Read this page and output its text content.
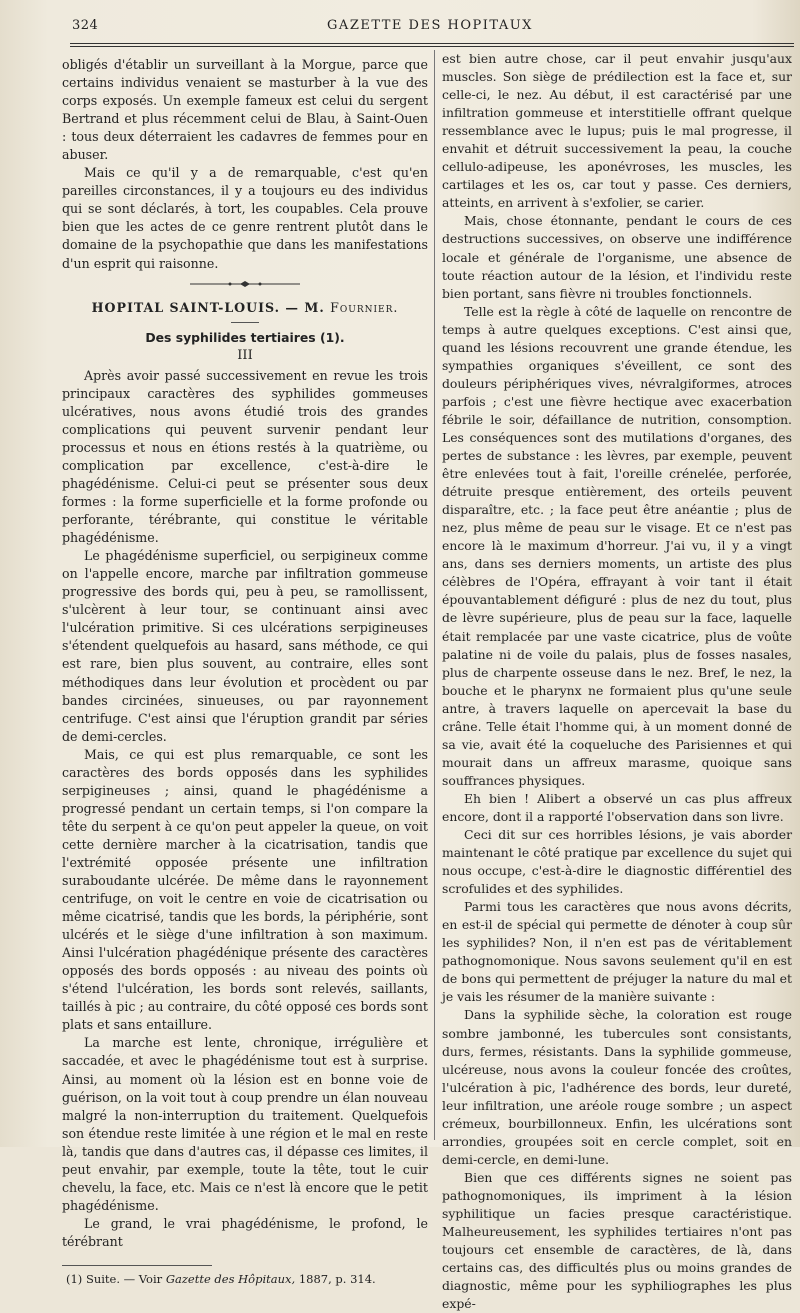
324	GAZETTE DES HOPITAUX

obligés d'établir un surveillant à la Morgue, parce que certains individus venaient se masturber à la vue des corps exposés. Un exemple fameux est celui du sergent Bertrand et plus récemment celui de Blau, à Saint-Ouen : tous deux déterraient les cadavres de femmes pour en abuser.

Mais ce qu'il y a de remarquable, c'est qu'en pareilles circonstances, il y a toujours eu des individus qui se sont déclarés, à tort, les coupables. Cela prouve bien que les actes de ce genre rentrent plutôt dans le domaine de la psychopathie que dans les manifestations d'un esprit qui raisonne.

HOPITAL SAINT-LOUIS. — M. Fournier.
Des syphilides tertiaires (1).
III

Après avoir passé successivement en revue les trois principaux caractères des syphilides gommeuses ulcératives, nous avons étudié trois des grandes complications qui peuvent survenir pendant leur processus et nous en étions restés à la quatrième, ou complication par excellence, c'est-à-dire le phagédénisme. Celui-ci peut se présenter sous deux formes : la forme superficielle et la forme profonde ou perforante, térébrante, qui constitue le véritable phagédénisme.

Le phagédénisme superficiel, ou serpigineux comme on l'appelle encore, marche par infiltration gommeuse progressive des bords qui, peu à peu, se ramollissent, s'ulcèrent à leur tour, se continuant ainsi avec l'ulcération primitive. Si ces ulcérations serpigineuses s'étendent quelquefois au hasard, sans méthode, ce qui est rare, bien plus souvent, au contraire, elles sont méthodiques dans leur évolution et procèdent ou par bandes circinées, sinueuses, ou par rayonnement centrifuge. C'est ainsi que l'éruption grandit par séries de demi-cercles.

Mais, ce qui est plus remarquable, ce sont les caractères des bords opposés dans les syphilides serpigineuses ; ainsi, quand le phagédénisme a progressé pendant un certain temps, si l'on compare la tête du serpent à ce qu'on peut appeler la queue, on voit cette dernière marcher à la cicatrisation, tandis que l'extrémité opposée présente une infiltration suraboudante ulcérée. De même dans le rayonnement centrifuge, on voit le centre en voie de cicatrisation ou même cicatrisé, tandis que les bords, la périphérie, sont ulcérés et le siège d'une infiltration à son maximum. Ainsi l'ulcération phagédénique présente des caractères opposés des bords opposés : au niveau des points où s'étend l'ulcération, les bords sont relevés, saillants, taillés à pic ; au contraire, du côté opposé ces bords sont plats et sans entaillure.

La marche est lente, chronique, irrégulière et saccadée, et avec le phagédénisme tout est à surprise. Ainsi, au moment où la lésion est en bonne voie de guérison, on la voit tout à coup prendre un élan nouveau malgré la non-interruption du traitement. Quelquefois son étendue reste limitée à une région et le mal en reste là, tandis que dans d'autres cas, il dépasse ces limites, il peut envahir, par exemple, toute la tête, tout le cuir chevelu, la face, etc. Mais ce n'est là encore que le petit phagédénisme.

Le grand, le vrai phagédénisme, le profond, le térébrant

(1) Suite. — Voir Gazette des Hôpitaux, 1887, p. 314.

est bien autre chose, car il peut envahir jusqu'aux muscles. Son siège de prédilection est la face et, sur celle-ci, le nez. Au début, il est caractérisé par une infiltration gommeuse et interstitielle offrant quelque ressemblance avec le lupus; puis le mal progresse, il envahit et détruit successivement la peau, la couche cellulo-adipeuse, les aponévroses, les muscles, les cartilages et les os, car tout y passe. Ces derniers, atteints, en arrivent à s'exfolier, se carier.

Mais, chose étonnante, pendant le cours de ces destructions successives, on observe une indifférence locale et générale de l'organisme, une absence de toute réaction autour de la lésion, et l'individu reste bien portant, sans fièvre ni troubles fonctionnels.

Telle est la règle à côté de laquelle on rencontre de temps à autre quelques exceptions. C'est ainsi que, quand les lésions recouvrent une grande étendue, les sympathies organiques s'éveillent, ce sont des douleurs périphériques vives, névralgiformes, atroces parfois ; c'est une fièvre hectique avec exacerbation fébrile le soir, défaillance de nutrition, consomption. Les conséquences sont des mutilations d'organes, des pertes de substance : les lèvres, par exemple, peuvent être enlevées tout à fait, l'oreille crénelée, perforée, détruite presque entièrement, des orteils peuvent disparaître, etc. ; la face peut être anéantie ; plus de nez, plus même de peau sur le visage. Et ce n'est pas encore là le maximum d'horreur. J'ai vu, il y a vingt ans, dans ses derniers moments, un artiste des plus célèbres de l'Opéra, effrayant à voir tant il était épouvantablement défiguré : plus de nez du tout, plus de lèvre supérieure, plus de peau sur la face, laquelle était remplacée par une vaste cicatrice, plus de voûte palatine ni de voile du palais, plus de fosses nasales, plus de charpente osseuse dans le nez. Bref, le nez, la bouche et le pharynx ne formaient plus qu'une seule antre, à travers laquelle on apercevait la base du crâne. Telle était l'homme qui, à un moment donné de sa vie, avait été la coqueluche des Parisiennes et qui mourait dans un affreux marasme, quoique sans souffrances physiques.

Eh bien ! Alibert a observé un cas plus affreux encore, dont il a rapporté l'observation dans son livre.

Ceci dit sur ces horribles lésions, je vais aborder maintenant le côté pratique par excellence du sujet qui nous occupe, c'est-à-dire le diagnostic différentiel des scrofulides et des syphilides.

Parmi tous les caractères que nous avons décrits, en est-il de spécial qui permette de dénoter à coup sûr les syphilides? Non, il n'en est pas de véritablement pathognomonique. Nous savons seulement qu'il en est de bons qui permettent de préjuger la nature du mal et je vais les résumer de la manière suivante :

Dans la syphilide sèche, la coloration est rouge sombre jambonné, les tubercules sont consistants, durs, fermes, résistants. Dans la syphilide gommeuse, ulcéreuse, nous avons la couleur foncée des croûtes, l'ulcération à pic, l'adhérence des bords, leur dureté, leur infiltration, une aréole rouge sombre ; un aspect crémeux, bourbillonneux. Enfin, les ulcérations sont arrondies, groupées soit en cercle complet, soit en demi-cercle, en demi-lune.

Bien que ces différents signes ne soient pas pathognomoniques, ils impriment à la lésion syphilitique un facies presque caractéristique. Malheureusement, les syphilides tertiaires n'ont pas toujours cet ensemble de caractères, de là, dans certains cas, des difficultés plus ou moins grandes de diagnostic, même pour les syphiliographes les plus expé-
